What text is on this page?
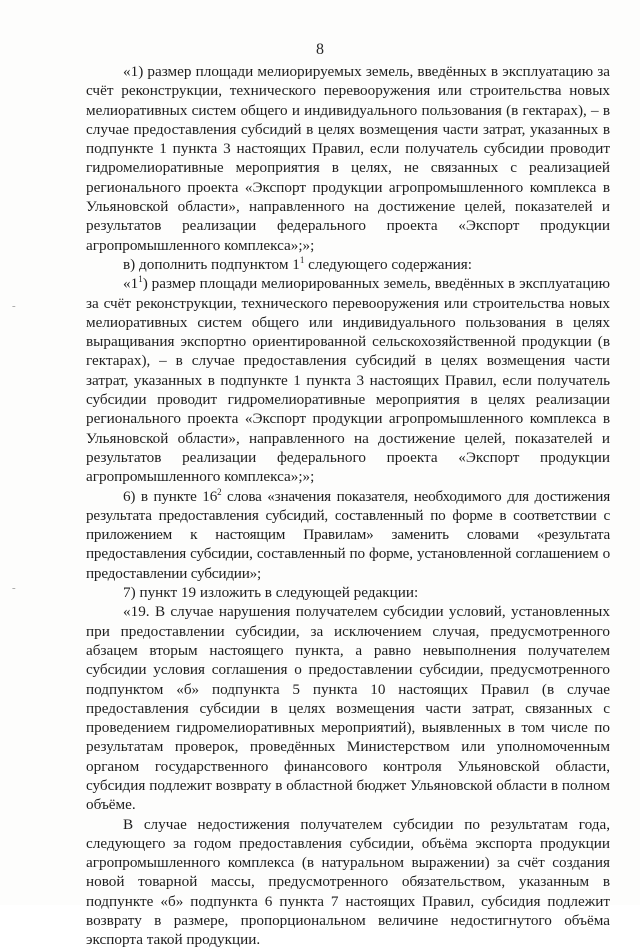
8
-
-

«1) размер площади мелиорируемых земель, введённых в эксплуатацию за счёт реконструкции, технического перевооружения или строительства новых мелиоративных систем общего и индивидуального пользования (в гектарах), – в случае предоставления субсидий в целях возмещения части затрат, указанных в подпункте 1 пункта 3 настоящих Правил, если получатель субсидии проводит гидромелиоративные мероприятия в целях, не связанных с реализацией регионального проекта «Экспорт продукции агропромышленного комплекса в Ульяновской области», направленного на достижение целей, показателей и результатов реализации федерального проекта «Экспорт продукции агропромышленного комплекса»;»;

в) дополнить подпунктом $1^1$ следующего содержания:

«$1^1$) размер площади мелиорированных земель, введённых в эксплуатацию за счёт реконструкции, технического перевооружения или строительства новых мелиоративных систем общего или индивидуального пользования в целях выращивания экспортно ориентированной сельскохозяйственной продукции (в гектарах), – в случае предоставления субсидий в целях возмещения части затрат, указанных в подпункте 1 пункта 3 настоящих Правил, если получатель субсидии проводит гидромелиоративные мероприятия в целях реализации регионального проекта «Экспорт продукции агропромышленного комплекса в Ульяновской области», направленного на достижение целей, показателей и результатов реализации федерального проекта «Экспорт продукции агропромышленного комплекса»;»;

6) в пункте $16^2$ слова «значения показателя, необходимого для достижения результата предоставления субсидий, составленный по форме в соответствии с приложением к настоящим Правилам» заменить словами «результата предоставления субсидии, составленный по форме, установленной соглашением о предоставлении субсидии»;

7) пункт 19 изложить в следующей редакции:

«19. В случае нарушения получателем субсидии условий, установленных при предоставлении субсидии, за исключением случая, предусмотренного абзацем вторым настоящего пункта, а равно невыполнения получателем субсидии условия соглашения о предоставлении субсидии, предусмотренного подпунктом «б» подпункта 5 пункта 10 настоящих Правил (в случае предоставления субсидии в целях возмещения части затрат, связанных с проведением гидромелиоративных мероприятий), выявленных в том числе по результатам проверок, проведённых Министерством или уполномоченным органом государственного финансового контроля Ульяновской области, субсидия подлежит возврату в областной бюджет Ульяновской области в полном объёме.

В случае недостижения получателем субсидии по результатам года, следующего за годом предоставления субсидии, объёма экспорта продукции агропромышленного комплекса (в натуральном выражении) за счёт создания новой товарной массы, предусмотренного обязательством, указанным в подпункте «б» подпункта 6 пункта 7 настоящих Правил, субсидия подлежит возврату в размере, пропорциональном величине недостигнутого объёма экспорта такой продукции.
